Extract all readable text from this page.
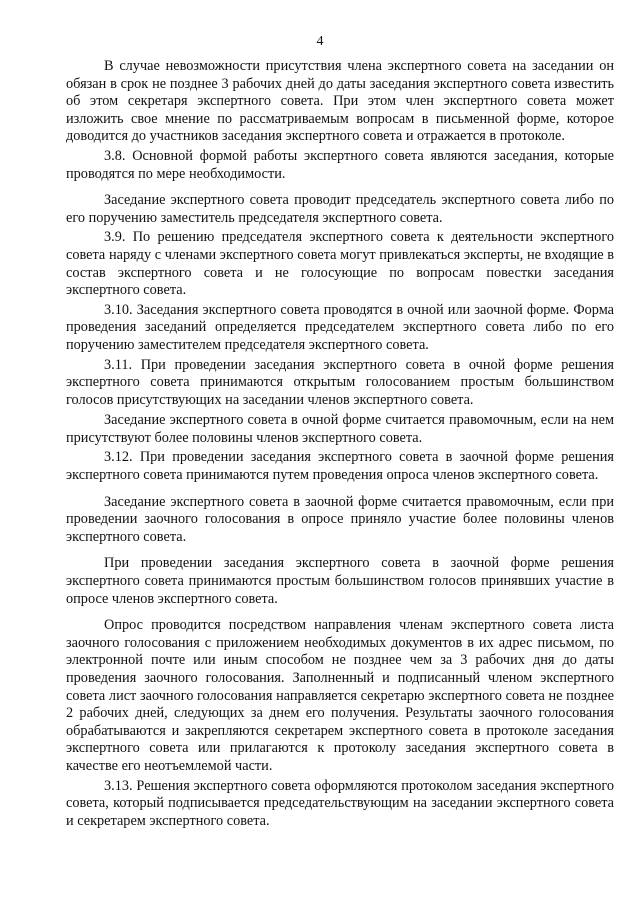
4

В случае невозможности присутствия члена экспертного совета на заседании он обязан в срок не позднее 3 рабочих дней до даты заседания экспертного совета известить об этом секретаря экспертного совета. При этом член экспертного совета может изложить свое мнение по рассматриваемым вопросам в письменной форме, которое доводится до участников заседания экспертного совета и отражается в протоколе.

3.8. Основной формой работы экспертного совета являются заседания, которые проводятся по мере необходимости.

Заседание экспертного совета проводит председатель экспертного совета либо по его поручению заместитель председателя экспертного совета.

3.9. По решению председателя экспертного совета к деятельности экспертного совета наряду с членами экспертного совета могут привлекаться эксперты, не входящие в состав экспертного совета и не голосующие по вопросам повестки заседания экспертного совета.

3.10. Заседания экспертного совета проводятся в очной или заочной форме. Форма проведения заседаний определяется председателем экспертного совета либо по его поручению заместителем председателя экспертного совета.

3.11. При проведении заседания экспертного совета в очной форме решения экспертного совета принимаются открытым голосованием простым большинством голосов присутствующих на заседании членов экспертного совета.

Заседание экспертного совета в очной форме считается правомочным, если на нем присутствуют более половины членов экспертного совета.

3.12. При проведении заседания экспертного совета в заочной форме решения экспертного совета принимаются путем проведения опроса членов экспертного совета.

Заседание экспертного совета в заочной форме считается правомочным, если при проведении заочного голосования в опросе приняло участие более половины членов экспертного совета.

При проведении заседания экспертного совета в заочной форме решения экспертного совета принимаются простым большинством голосов принявших участие в опросе членов экспертного совета.

Опрос проводится посредством направления членам экспертного совета листа заочного голосования с приложением необходимых документов в их адрес письмом, по электронной почте или иным способом не позднее чем за 3 рабочих дня до даты проведения заочного голосования. Заполненный и подписанный членом экспертного совета лист заочного голосования направляется секретарю экспертного совета не позднее 2 рабочих дней, следующих за днем его получения. Результаты заочного голосования обрабатываются и закрепляются секретарем экспертного совета в протоколе заседания экспертного совета или прилагаются к протоколу заседания экспертного совета в качестве его неотъемлемой части.

3.13. Решения экспертного совета оформляются протоколом заседания экспертного совета, который подписывается председательствующим на заседании экспертного совета и секретарем экспертного совета.
